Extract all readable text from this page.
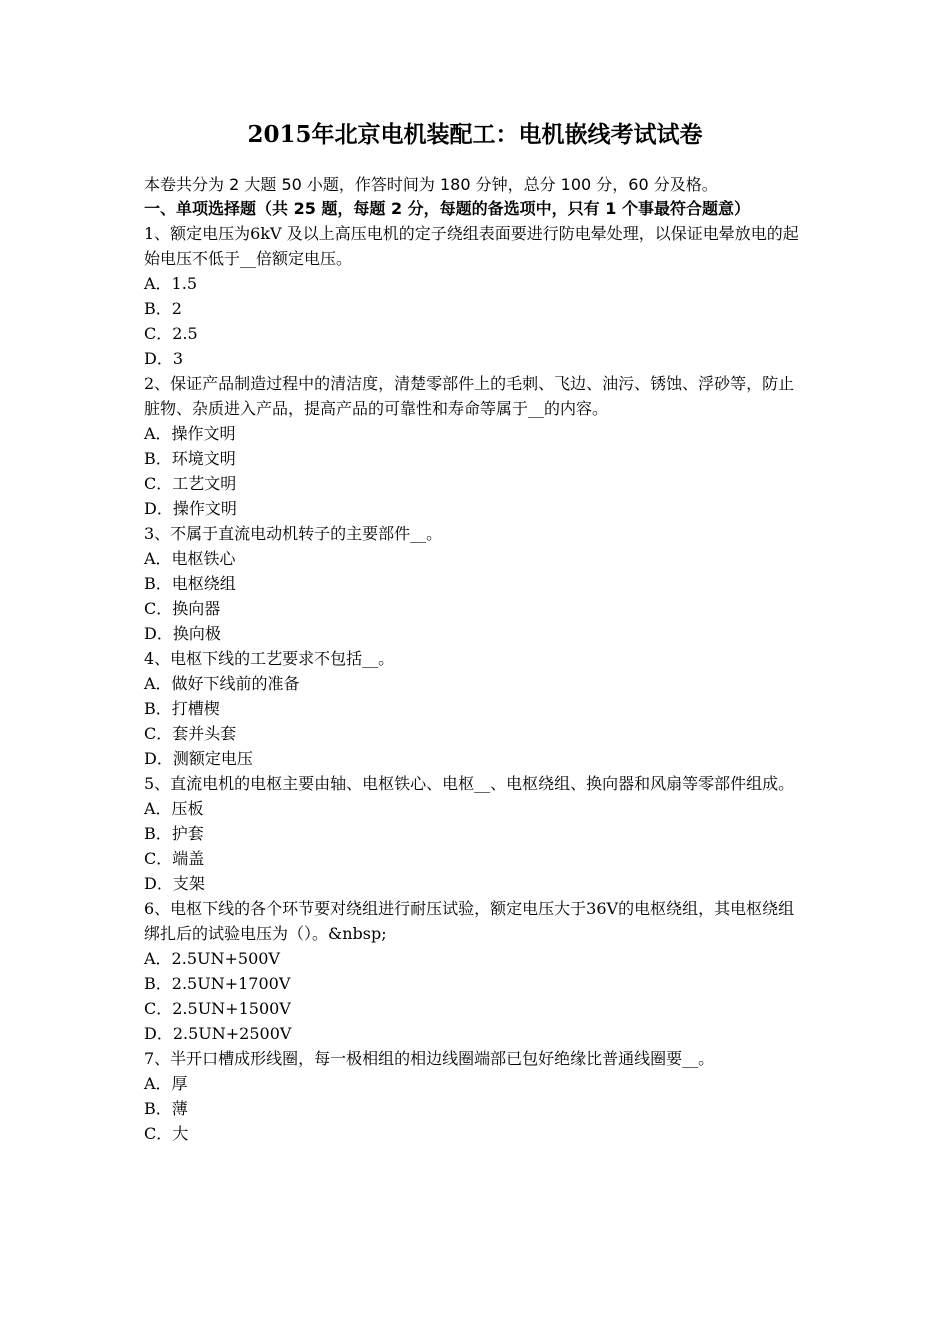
2015年北京电机装配工：电机嵌线考试试卷
本卷共分为 2 大题 50 小题，作答时间为 180 分钟，总分 100 分，60 分及格。
一、单项选择题（共 25 题，每题 2 分，每题的备选项中，只有 1 个事最符合题意）

1、额定电压为6kV 及以上高压电机的定子绕组表面要进行防电晕处理，以保证电晕放电的起始电压不低于__倍额定电压。

A．1.5

B．2

C．2.5

D．3

2、保证产品制造过程中的清洁度，清楚零部件上的毛刺、飞边、油污、锈蚀、浮砂等，防止脏物、杂质进入产品，提高产品的可靠性和寿命等属于__的内容。

A．操作文明

B．环境文明

C．工艺文明

D．操作文明

3、不属于直流电动机转子的主要部件__。

A．电枢铁心

B．电枢绕组

C．换向器

D．换向极

4、电枢下线的工艺要求不包括__。

A．做好下线前的准备

B．打槽楔

C．套并头套

D．测额定电压

5、直流电机的电枢主要由轴、电枢铁心、电枢__、电枢绕组、换向器和风扇等零部件组成。

A．压板

B．护套

C．端盖

D．支架

6、电枢下线的各个环节要对绕组进行耐压试验，额定电压大于36V的电枢绕组，其电枢绕组绑扎后的试验电压为（）。&nbsp;

A．2.5UN+500V

B．2.5UN+1700V

C．2.5UN+1500V

D．2.5UN+2500V

7、半开口槽成形线圈，每一极相组的相边线圈端部已包好绝缘比普通线圈要__。

A．厚

B．薄

C．大
